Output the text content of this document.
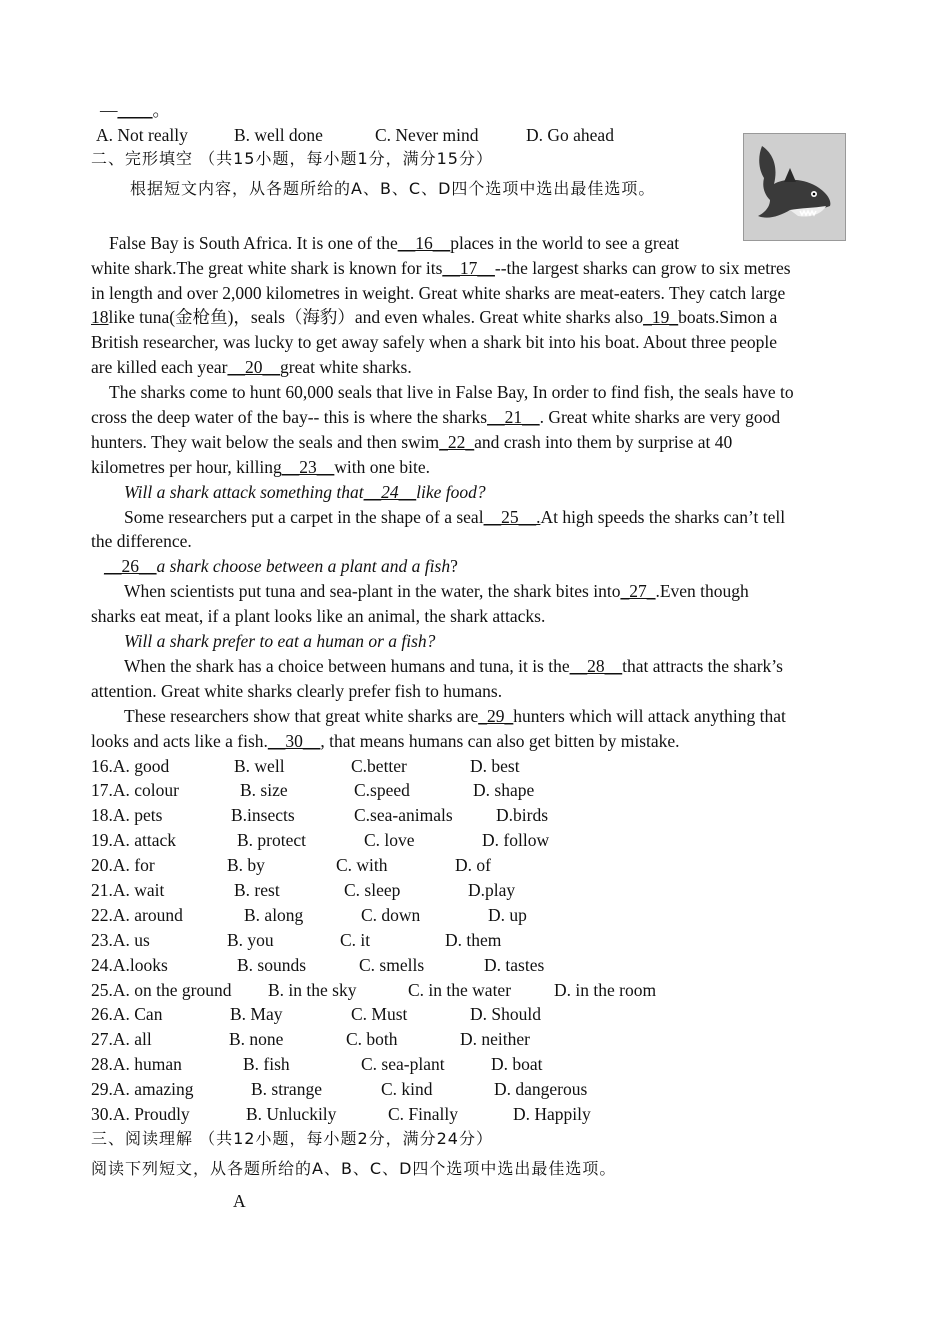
—____。
A. Not really	B. well done	C. Never mind	D. Go ahead
二、完形填空 （共15小题，每小题1分，满分15分）
根据短文内容，从各题所给的A、B、C、D四个选项中选出最佳选项。
False Bay is South Africa. It is one of the__16__places in the world to see a great
white shark.The great white shark is known for its__17__--the largest sharks can grow to six metres
in length and over 2,000 kilometres in weight. Great white sharks are meat-eaters. They catch large
18like tuna(金枪鱼)，seals（海豹）and even whales. Great white sharks also_19_boats.Simon a
British researcher, was lucky to get away safely when a shark bit into his boat. About three people
are killed each year__20__great white sharks.
The sharks come to hunt 60,000 seals that live in False Bay, In order to find fish, the seals have to
cross the deep water of the bay-- this is where the sharks__21__. Great white sharks are very good
hunters. They wait below the seals and then swim_22_and crash into them by surprise at 40
kilometres per hour, killing__23__with one bite.
Will a shark attack something that__24__like food?
Some researchers put a carpet in the shape of a seal__25__.At high speeds the sharks can’t tell
the difference.
__26__a shark choose between a plant and a fish?
When scientists put tuna and sea-plant in the water, the shark bites into_27_.Even though
sharks eat meat, if a plant looks like an animal, the shark attacks.
Will a shark prefer to eat a human or a fish?
When the shark has a choice between humans and tuna, it is the__28__that attracts the shark’s
attention. Great white sharks clearly prefer fish to humans.
These researchers show that great white sharks are_29_hunters which will attack anything that
looks and acts like a fish.__30__, that means humans can also get bitten by mistake.
16.A. good	B. well	C.better	D. best
17.A. colour	B. size	C.speed	D. shape
18.A. pets	B.insects	C.sea-animals D.birds
19.A. attack	B. protect	C. love	D. follow
20.A. for	B. by	C. with	D. of
21.A. wait	B. rest	C. sleep	D.play
22.A. around	B. along	C. down	D. up
23.A. us	B. you	C. it	D. them
24.A.looks	B. sounds	C. smells	D. tastes
25.A. on the ground B. in the sky	C. in the water D. in the room
26.A. Can	B. May	C. Must	D. Should
27.A. all	B. none	C. both	D. neither
28.A. human	B. fish	C. sea-plant	D. boat
29.A. amazing	B. strange	C. kind	D. dangerous
30.A. Proudly	B. Unluckily	C. Finally	D. Happily
三、阅读理解 （共12小题，每小题2分，满分24分）
阅读下列短文，从各题所给的A、B、C、D四个选项中选出最佳选项。
A
